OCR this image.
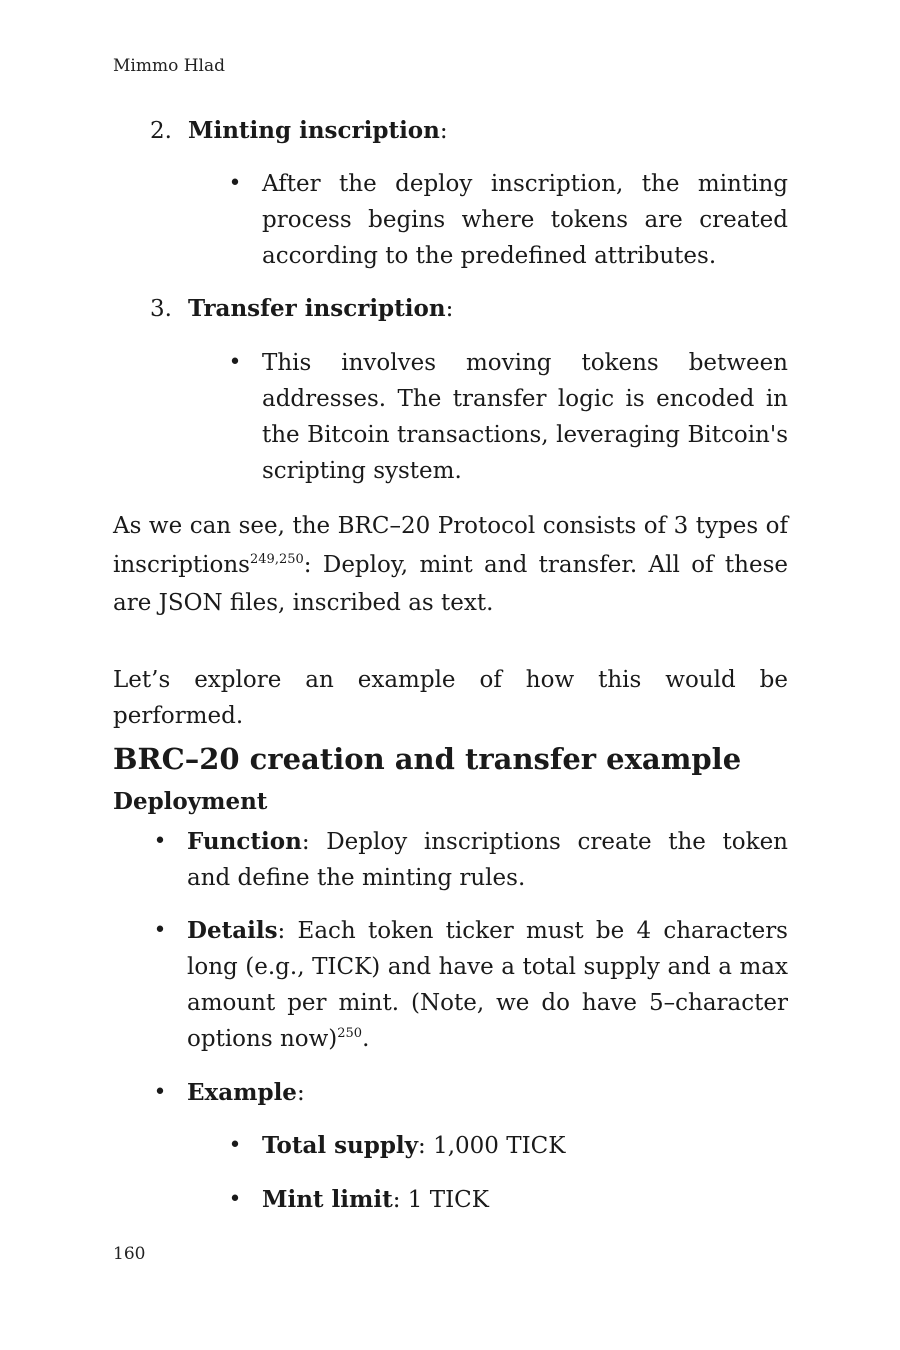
Mimmo Hlad
2. Minting inscription:
• After the deploy inscription, the minting process begins where tokens are created according to the predefined attributes.
3. Transfer inscription:
• This involves moving tokens between addresses. The transfer logic is encoded in the Bitcoin transactions, leveraging Bitcoin's scripting system.
As we can see, the BRC–20 Protocol consists of 3 types of inscriptions$^{249,250}$: Deploy, mint and transfer. All of these are JSON files, inscribed as text.
Let’s explore an example of how this would be performed.
BRC–20 creation and transfer example
Deployment
• Function: Deploy inscriptions create the token and define the minting rules.
• Details: Each token ticker must be 4 characters long (e.g., TICK) and have a total supply and a max amount per mint. (Note, we do have 5–character options now)$^{250}$.
• Example:
• Total supply: 1,000 TICK
• Mint limit: 1 TICK
160
